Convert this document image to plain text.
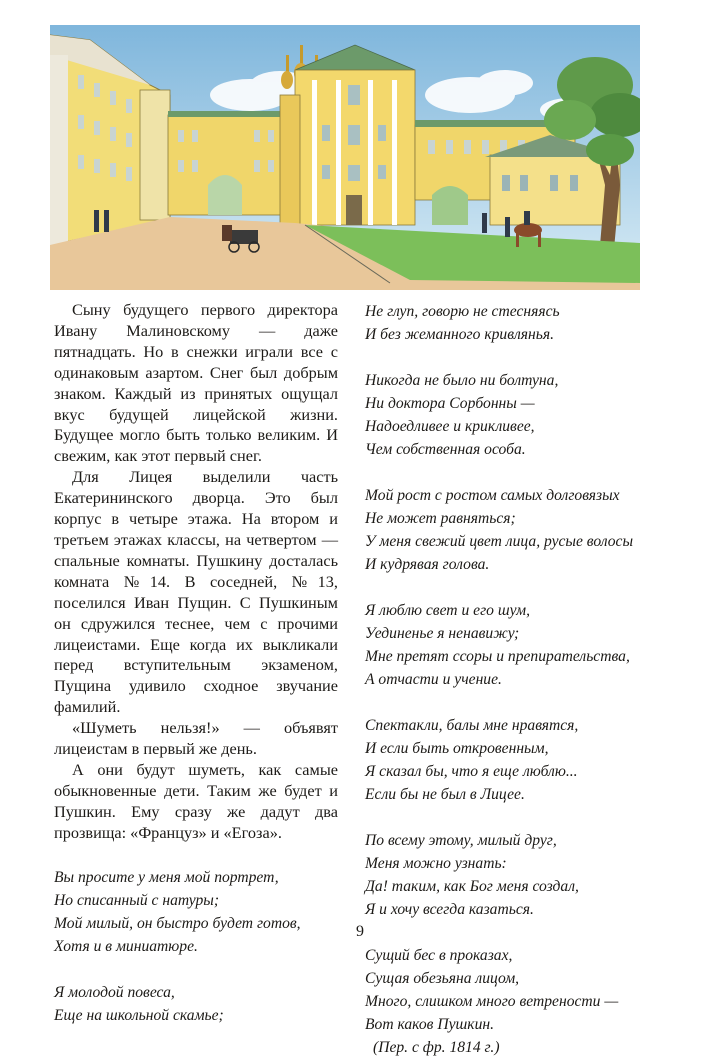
Сыну будущего первого директора Ивану Малиновскому — даже пятнадцать. Но в снежки играли все с одинаковым азартом. Снег был добрым знаком. Каждый из принятых ощущал вкус будущей лицейской жизни. Будущее могло быть только великим. И свежим, как этот первый снег.

Для Лицея выделили часть Екатерининского дворца. Это был корпус в четыре этажа. На втором и третьем этажах классы, на четвертом — спальные комнаты. Пушкину досталась комната №14. В соседней, №13, поселился Иван Пущин. С Пушкиным он сдружился теснее, чем с прочими лицеистами. Еще когда их выкликали перед вступительным экзаменом, Пущина удивило сходное звучание фамилий.

«Шуметь нельзя!» — объявят лицеистам в первый же день.

А они будут шуметь, как самые обыкновенные дети. Таким же будет и Пушкин. Ему сразу же дадут два прозвища: «Француз» и «Егоза».

Вы просите у меня мой портрет,
Но списанный с натуры;
Мой милый, он быстро будет готов,
Хотя и в миниатюре.
Я молодой повеса,
Еще на школьной скамье;
Не глуп, говорю не стесняясь
И без жеманного кривлянья.
Никогда не было ни болтуна,
Ни доктора Сорбонны —
Надоедливее и крикливее,
Чем собственная особа.
Мой рост с ростом самых долговязых
Не может равняться;
У меня свежий цвет лица, русые волосы
И кудрявая голова.
Я люблю свет и его шум,
Уединенье я ненавижу;
Мне претят ссоры и препирательства,
А отчасти и учение.
Спектакли, балы мне нравятся,
И если быть откровенным,
Я сказал бы, что я еще люблю...
Если бы не был в Лицее.
По всему этому, милый друг,
Меня можно узнать:
Да! таким, как Бог меня создал,
Я и хочу всегда казаться.
Сущий бес в проказах,
Сущая обезьяна лицом,
Много, слишком много ветрености —
Вот каков Пушкин.
(Пер. с фр. 1814 г.)
9
